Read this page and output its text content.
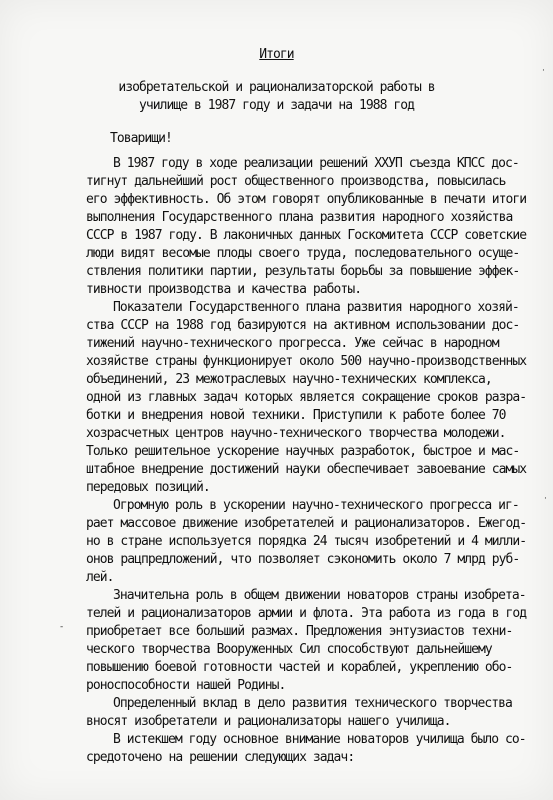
Итоги
изобретательской и рационализаторской работы в
училище в 1987 году и задачи на 1988 год
Товарищи!
В 1987 году в ходе реализации решений XXУП съезда КПСС дос-
тигнут дальнейший рост общественного производства, повысилась
его эффективность. Об этом говорят опубликованные в печати итоги
выполнения Государственного плана развития народного хозяйства
СССР в 1987 году. В лаконичных данных Госкомитета СССР советские
люди видят весомые плоды своего труда, последовательного осуще-
ствления политики партии, результаты борьбы за повышение эффек-
тивности производства и качества работы.
Показатели Государственного плана развития народного хозяй-
ства СССР на 1988 год базируются на активном использовании дос-
тижений научно-технического прогресса. Уже сейчас в народном
хозяйстве страны функционирует около 500 научно-производственных
объединений, 23 межотраслевых научно-технических комплекса,
одной из главных задач которых является сокращение сроков разра-
ботки и внедрения новой техники. Приступили к работе более 70
хозрасчетных центров научно-технического творчества молодежи.
Только решительное ускорение научных разработок, быстрое и мас-
штабное внедрение достижений науки обеспечивает завоевание самых
передовых позиций.
Огромную роль в ускорении научно-технического прогресса иг-
рает массовое движение изобретателей и рационализаторов. Ежегод-
но в стране используется порядка 24 тысяч изобретений и 4 милли-
онов рацпредложений, что позволяет сэкономить около 7 млрд руб-
лей.
Значительна роль в общем движении новаторов страны изобрета-
телей и рационализаторов армии и флота. Эта работа из года в год
приобретает все больший размах. Предложения энтузиастов техни-
ческого творчества Вооруженных Сил способствуют дальнейшему
повышению боевой готовности частей и кораблей, укреплению обо-
роноспособности нашей Родины.
Определенный вклад в дело развития технического творчества
вносят изобретатели и рационализаторы нашего училища.
В истекшем году основное внимание новаторов училища было со-
средоточено на решении следующих задач:
·
·
-
